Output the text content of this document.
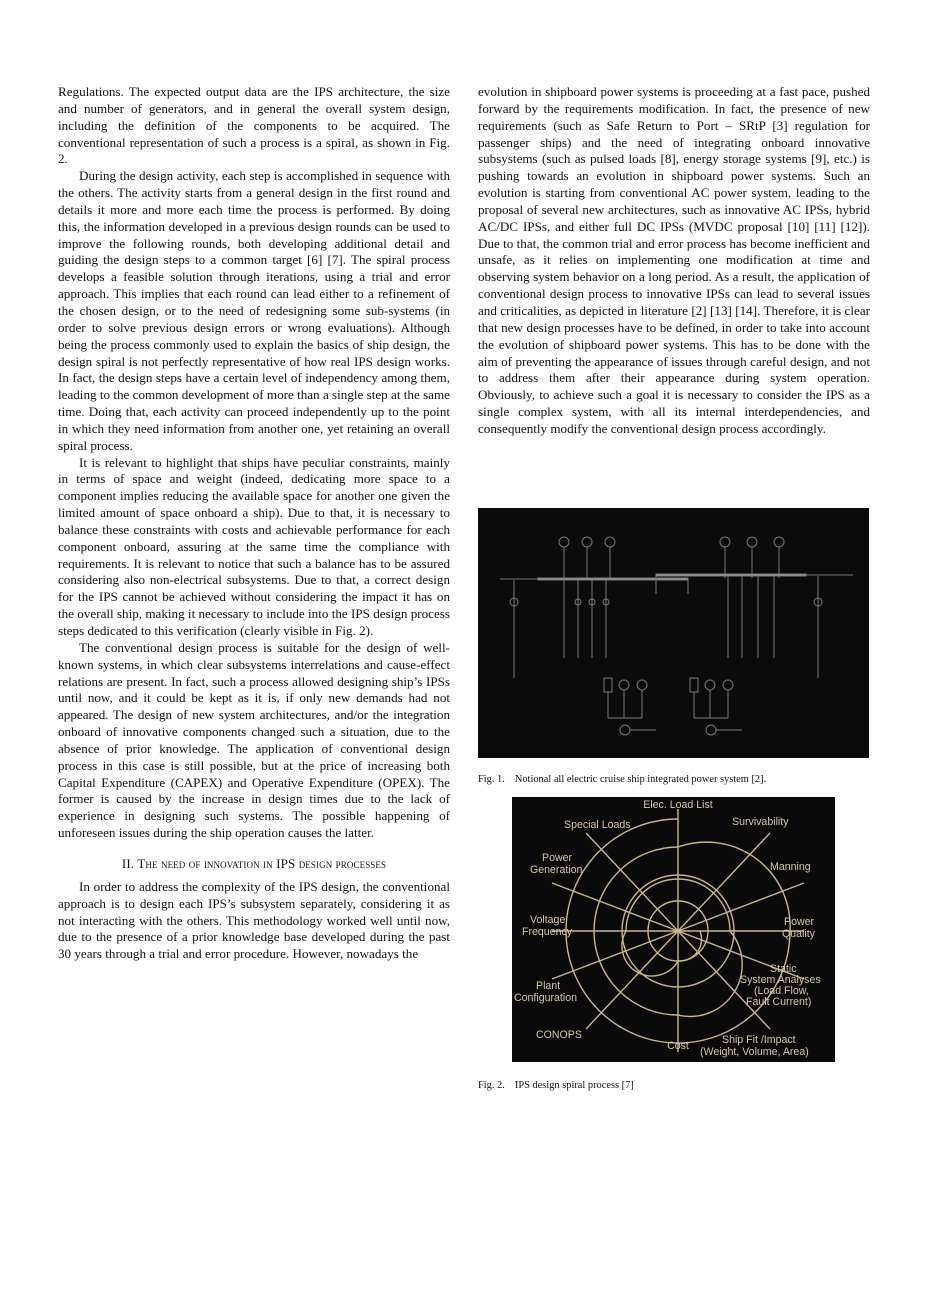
Regulations. The expected output data are the IPS architecture, the size and number of generators, and in general the overall system design, including the definition of the components to be acquired. The conventional representation of such a process is a spiral, as shown in Fig. 2.

During the design activity, each step is accomplished in sequence with the others. The activity starts from a general design in the first round and details it more and more each time the process is performed. By doing this, the information developed in a previous design rounds can be used to improve the following rounds, both developing additional detail and guiding the design steps to a common target [6] [7]. The spiral process develops a feasible solution through iterations, using a trial and error approach. This implies that each round can lead either to a refinement of the chosen design, or to the need of redesigning some sub-systems (in order to solve previous design errors or wrong evaluations). Although being the process commonly used to explain the basics of ship design, the design spiral is not perfectly representative of how real IPS design works. In fact, the design steps have a certain level of independency among them, leading to the common development of more than a single step at the same time. Doing that, each activity can proceed independently up to the point in which they need information from another one, yet retaining an overall spiral process.

It is relevant to highlight that ships have peculiar constraints, mainly in terms of space and weight (indeed, dedicating more space to a component implies reducing the available space for another one given the limited amount of space onboard a ship). Due to that, it is necessary to balance these constraints with costs and achievable performance for each component onboard, assuring at the same time the compliance with requirements. It is relevant to notice that such a balance has to be assured considering also non-electrical subsystems. Due to that, a correct design for the IPS cannot be achieved without considering the impact it has on the overall ship, making it necessary to include into the IPS design process steps dedicated to this verification (clearly visible in Fig. 2).

The conventional design process is suitable for the design of well-known systems, in which clear subsystems interrelations and cause-effect relations are present. In fact, such a process allowed designing ship’s IPSs until now, and it could be kept as it is, if only new demands had not appeared. The design of new system architectures, and/or the integration onboard of innovative components changed such a situation, due to the absence of prior knowledge. The application of conventional design process in this case is still possible, but at the price of increasing both Capital Expenditure (CAPEX) and Operative Expenditure (OPEX). The former is caused by the increase in design times due to the lack of experience in designing such systems. The possible happening of unforeseen issues during the ship operation causes the latter.

II. The need of innovation in IPS design processes

In order to address the complexity of the IPS design, the conventional approach is to design each IPS’s subsystem separately, considering it as not interacting with the others. This methodology worked well until now, due to the presence of a prior knowledge base developed during the past 30 years through a trial and error procedure. However, nowadays the

evolution in shipboard power systems is proceeding at a fast pace, pushed forward by the requirements modification. In fact, the presence of new requirements (such as Safe Return to Port – SRtP [3] regulation for passenger ships) and the need of integrating onboard innovative subsystems (such as pulsed loads [8], energy storage systems [9], etc.) is pushing towards an evolution in shipboard power systems. Such an evolution is starting from conventional AC power system, leading to the proposal of several new architectures, such as innovative AC IPSs, hybrid AC/DC IPSs, and either full DC IPSs (MVDC proposal [10] [11] [12]). Due to that, the common trial and error process has become inefficient and unsafe, as it relies on implementing one modification at time and observing system behavior on a long period. As a result, the application of conventional design process to innovative IPSs can lead to several issues and criticalities, as depicted in literature [2] [13] [14]. Therefore, it is clear that new design processes have to be defined, in order to take into account the evolution of shipboard power systems. This has to be done with the aim of preventing the appearance of issues through careful design, and not to address them after their appearance during system operation. Obviously, to achieve such a goal it is necessary to consider the IPS as a single complex system, with all its internal interdependencies, and consequently modify the conventional design process accordingly.

Fig. 1. Notional all electric cruise ship integrated power system [2].
Elec. Load List
Special Loads	Survivability
Power
Generation	Manning
Voltage
Frequency
Power
Quality
Static
System Analyses
(Load Flow,
Fault Current)
Plant
Configuration
CONOPS
Cost	Ship Fit /Impact
(Weight, Volume, Area)
Fig. 2. IPS design spiral process [7]
